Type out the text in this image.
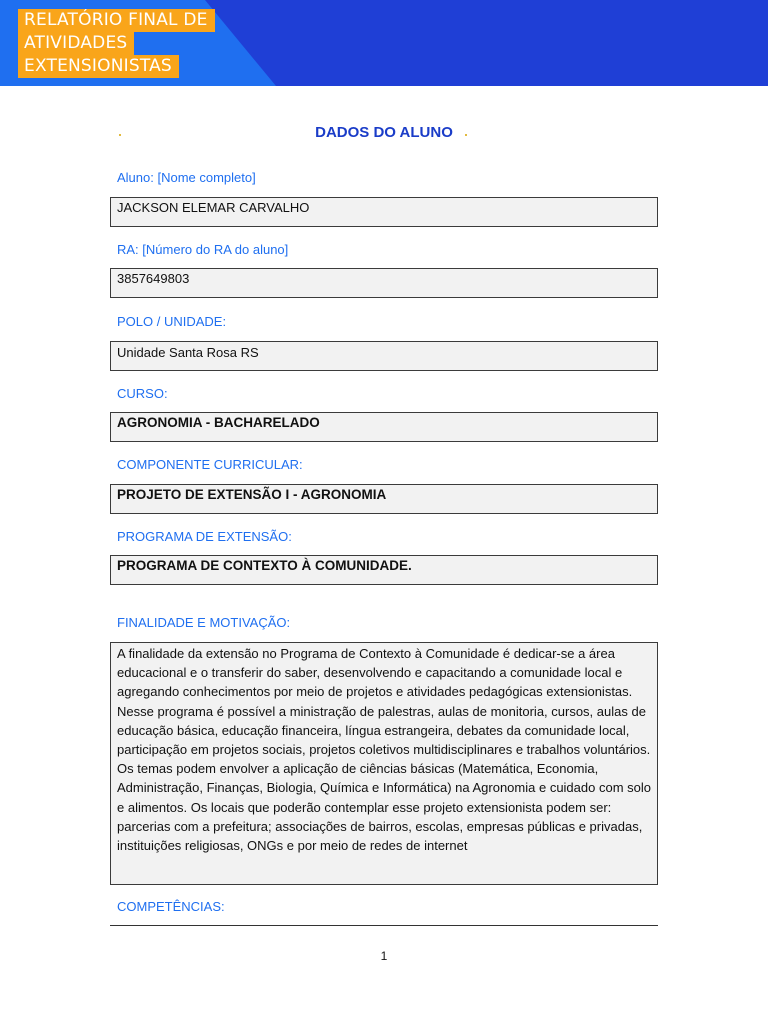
RELATÓRIO FINAL DE
ATIVIDADES
EXTENSIONISTAS
DADOS DO ALUNO
Aluno: [Nome completo]
JACKSON ELEMAR CARVALHO
RA: [Número do RA do aluno]
3857649803
POLO / UNIDADE:
Unidade Santa Rosa RS
CURSO:
AGRONOMIA - BACHARELADO
COMPONENTE CURRICULAR:
PROJETO DE EXTENSÃO I - AGRONOMIA
PROGRAMA DE EXTENSÃO:
PROGRAMA DE CONTEXTO À COMUNIDADE.
FINALIDADE E MOTIVAÇÃO:
A finalidade da extensão no Programa de Contexto à Comunidade é dedicar-se a área educacional e o transferir do saber, desenvolvendo e capacitando a comunidade local e agregando conhecimentos por meio de projetos e atividades pedagógicas extensionistas. Nesse programa é possível a ministração de palestras, aulas de monitoria, cursos, aulas de educação básica, educação financeira, língua estrangeira, debates da comunidade local, participação em projetos sociais, projetos coletivos multidisciplinares e trabalhos voluntários. Os temas podem envolver a aplicação de ciências básicas (Matemática, Economia, Administração, Finanças, Biologia, Química e Informática) na Agronomia e cuidado com solo e alimentos. Os locais que poderão contemplar esse projeto extensionista podem ser: parcerias com a prefeitura; associações de bairros, escolas, empresas públicas e privadas, instituições religiosas, ONGs e por meio de redes de internet
COMPETÊNCIAS:
1
